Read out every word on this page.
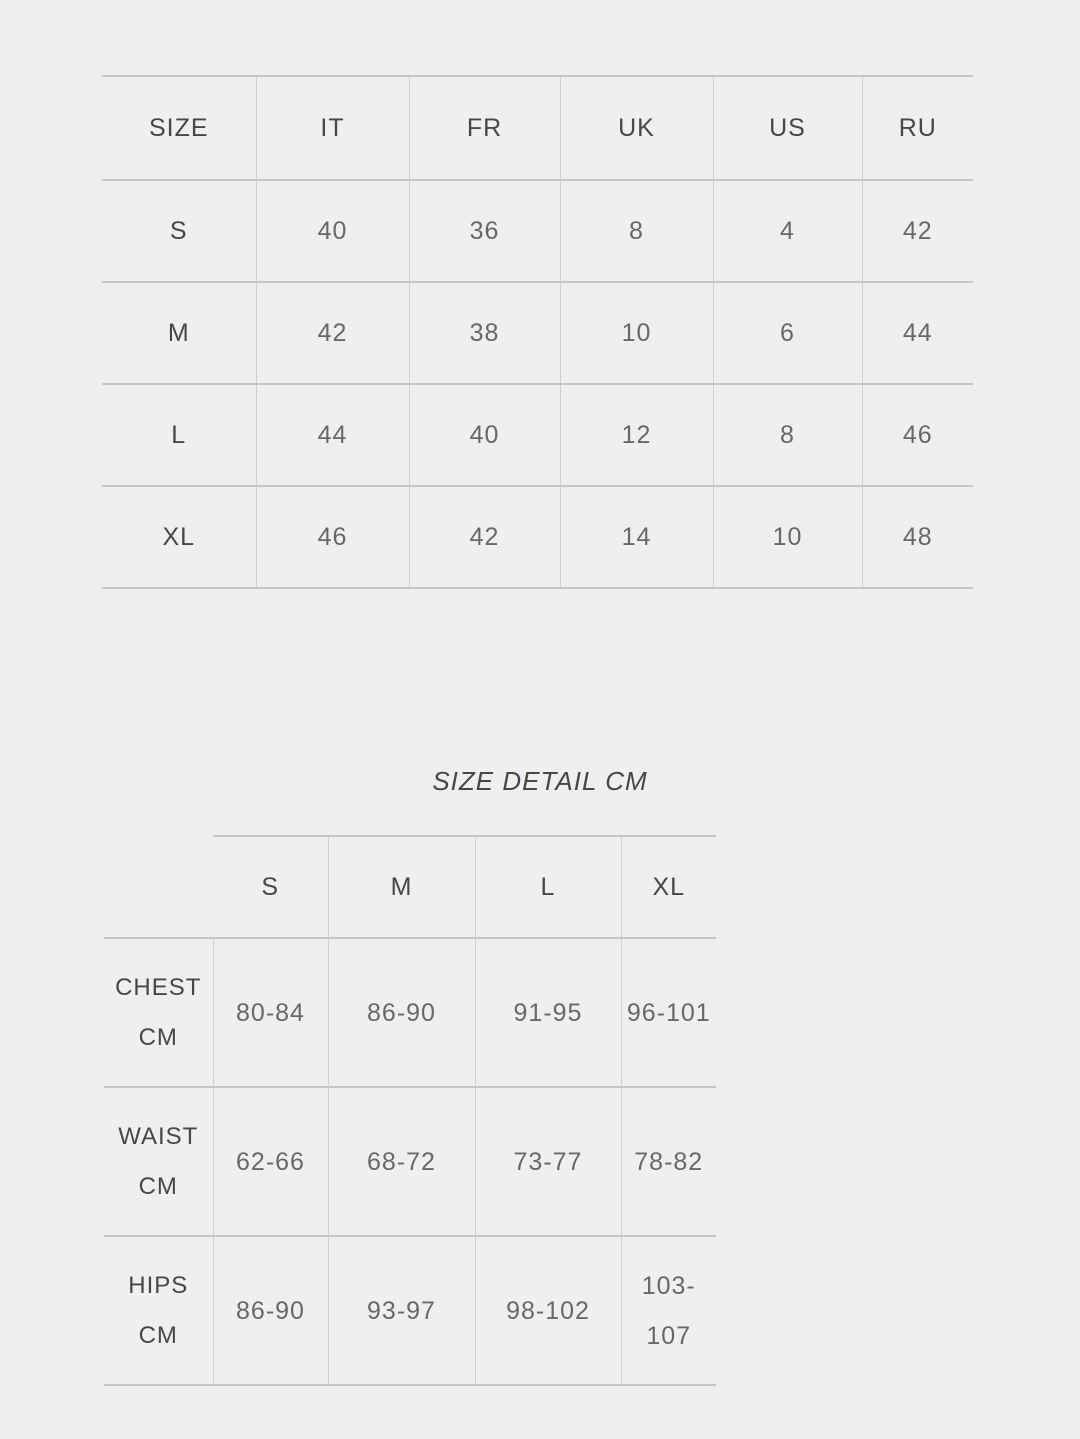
SIZE	IT	FR	UK	US	RU
S	40	36	8	4	42
M	42	38	10	6	44
L	44	40	12	8	46
XL	46	42	14	10	48
SIZE DETAIL CM
	S	M	L	XL
CHEST CM	80-84	86-90	91-95	96-101
WAIST CM	62-66	68-72	73-77	78-82
HIPS CM	86-90	93-97	98-102	103-107
